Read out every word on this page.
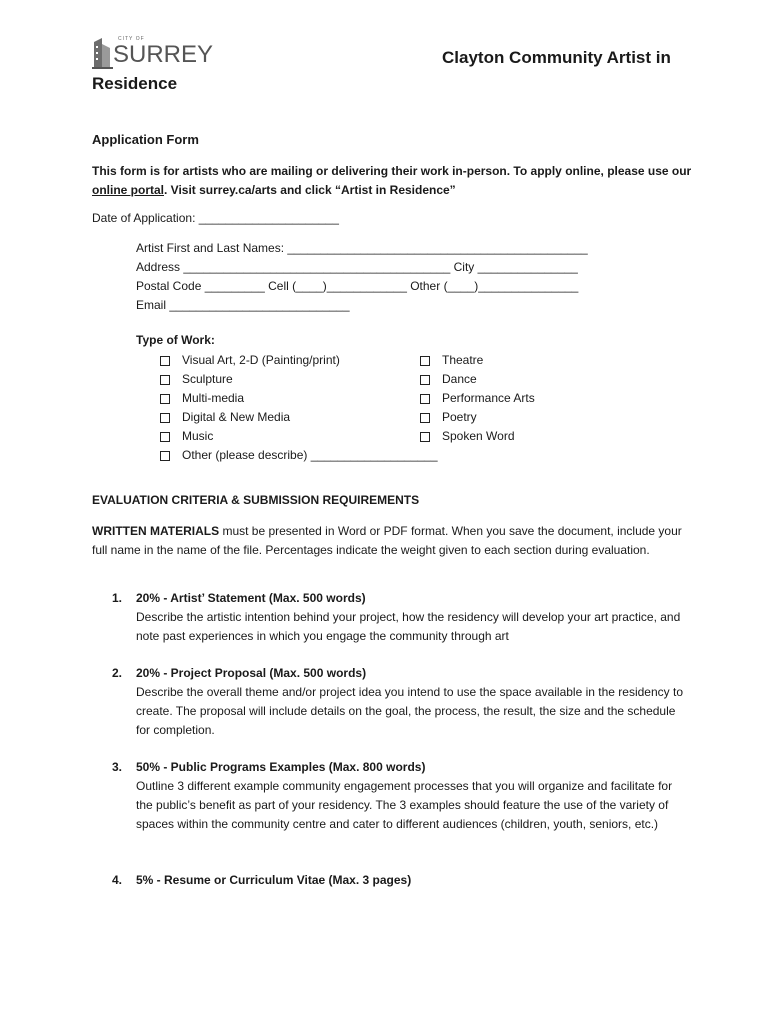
CITY OF
SURREY	Clayton Community Artist in
Residence
Application Form
This form is for artists who are mailing or delivering their work in-person. To apply online, please use our online portal. Visit surrey.ca/arts and click “Artist in Residence”
Date of Application: _____________________
Artist First and Last Names: _____________________________________________
Address ________________________________________ City _______________
Postal Code _________ Cell (____)____________ Other (____)_______________
Email ___________________________
Type of Work:
Visual Art, 2-D (Painting/print)
Sculpture
Multi-media
Digital & New Media
Music
Other (please describe) ___________________
Theatre
Dance
Performance Arts
Poetry
Spoken Word
EVALUATION CRITERIA & SUBMISSION REQUIREMENTS
WRITTEN MATERIALS must be presented in Word or PDF format. When you save the document, include your full name in the name of the file. Percentages indicate the weight given to each section during evaluation.
1. 20% - Artist’ Statement (Max. 500 words)
Describe the artistic intention behind your project, how the residency will develop your art practice, and note past experiences in which you engage the community through art
2. 20% - Project Proposal (Max. 500 words)
Describe the overall theme and/or project idea you intend to use the space available in the residency to create. The proposal will include details on the goal, the process, the result, the size and the schedule for completion.
3. 50% - Public Programs Examples (Max. 800 words)
Outline 3 different example community engagement processes that you will organize and facilitate for the public’s benefit as part of your residency. The 3 examples should feature the use of the variety of spaces within the community centre and cater to different audiences (children, youth, seniors, etc.)
4. 5% - Resume or Curriculum Vitae (Max. 3 pages)
